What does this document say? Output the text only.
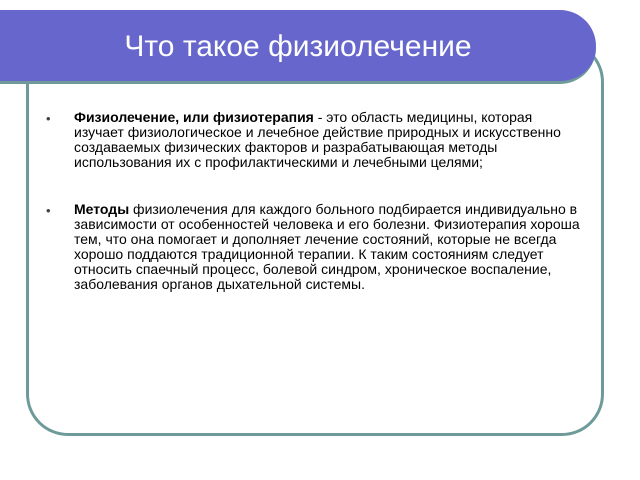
Что такое физиолечение
• Физиолечение, или физиотерапия - это область медицины, которая изучает физиологическое и лечебное действие природных и искусственно создаваемых физических факторов и разрабатывающая методы использования их с профилактическими и лечебными целями;
• Методы физиолечения для каждого больного подбирается индивидуально в зависимости от особенностей человека и его болезни. Физиотерапия хороша тем, что она помогает и дополняет лечение состояний, которые не всегда хорошо поддаются традиционной терапии. К таким состояниям следует относить спаечный процесс, болевой синдром, хроническое воспаление, заболевания органов дыхательной системы.
